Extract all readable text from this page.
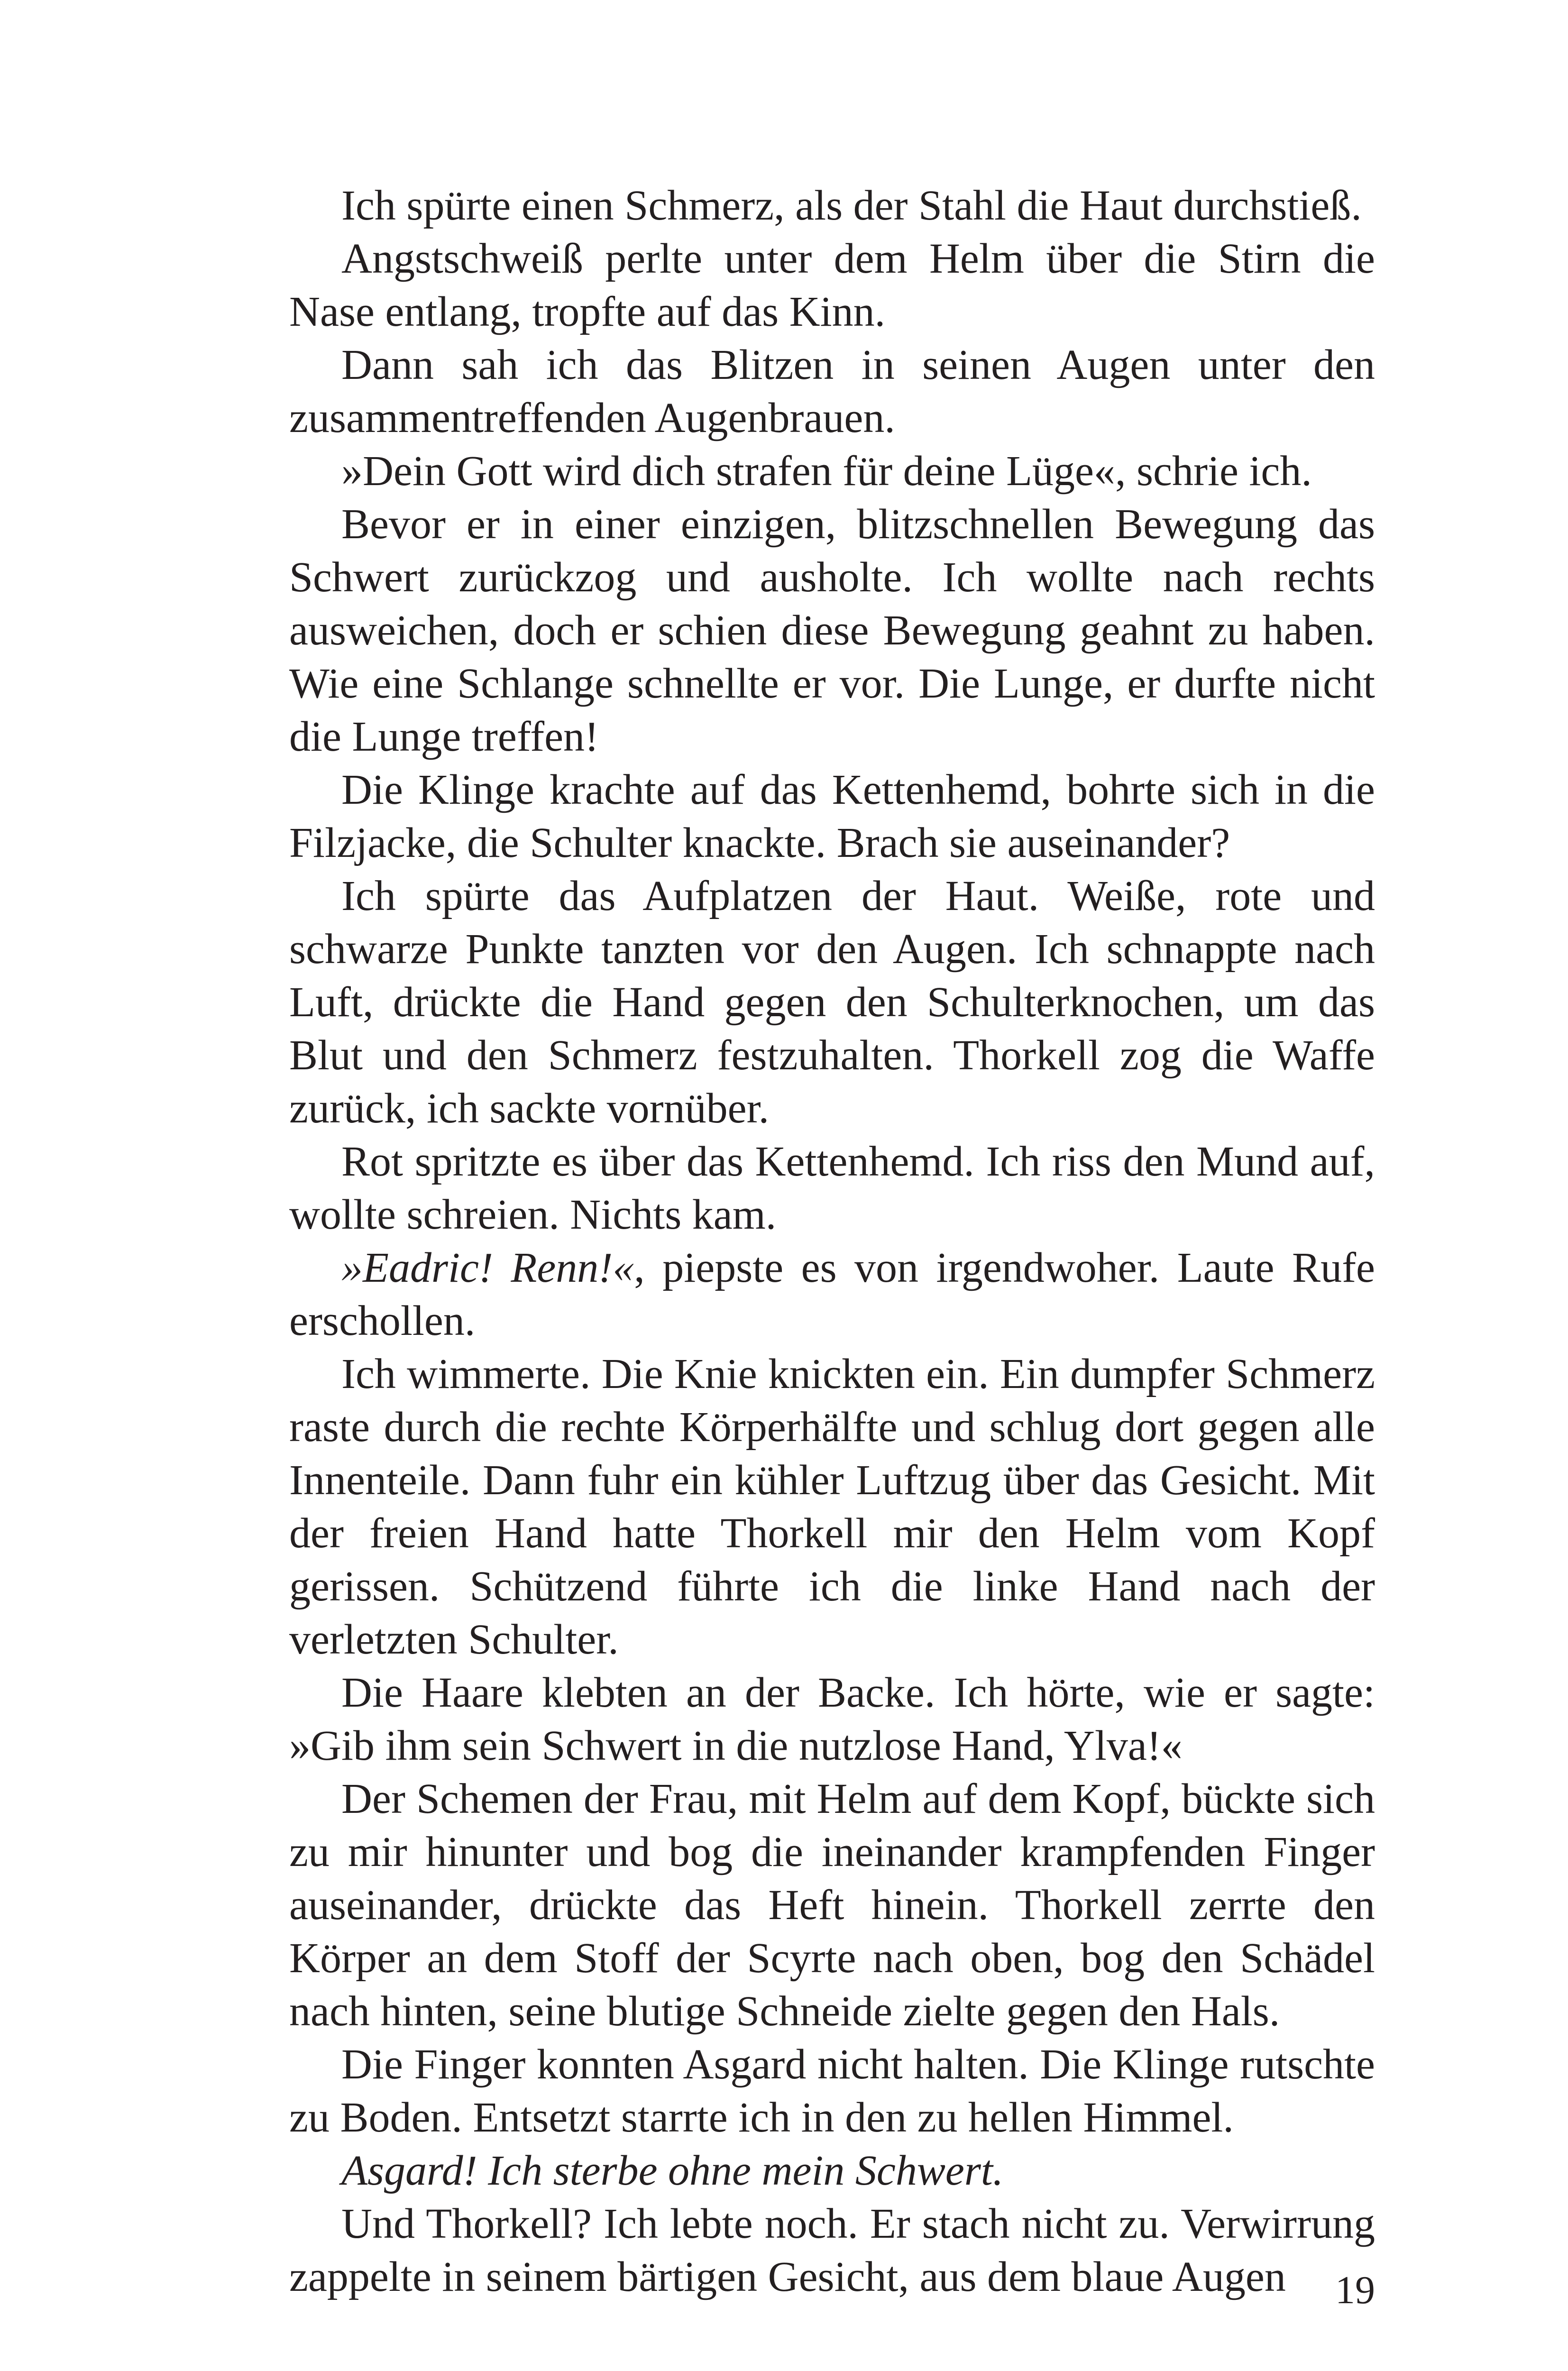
Ich spürte einen Schmerz, als der Stahl die Haut durchstieß.

Angstschweiß perlte unter dem Helm über die Stirn die Nase entlang, tropfte auf das Kinn.

Dann sah ich das Blitzen in seinen Augen unter den zusammentreffenden Augenbrauen.

»Dein Gott wird dich strafen für deine Lüge«, schrie ich.

Bevor er in einer einzigen, blitzschnellen Bewegung das Schwert zurückzog und ausholte. Ich wollte nach rechts ausweichen, doch er schien diese Bewegung geahnt zu haben. Wie eine Schlange schnellte er vor. Die Lunge, er durfte nicht die Lunge treffen!

Die Klinge krachte auf das Kettenhemd, bohrte sich in die Filzjacke, die Schulter knackte. Brach sie auseinander?

Ich spürte das Aufplatzen der Haut. Weiße, rote und schwarze Punkte tanzten vor den Augen. Ich schnappte nach Luft, drückte die Hand gegen den Schulterknochen, um das Blut und den Schmerz festzuhalten. Thorkell zog die Waffe zurück, ich sackte vornüber.

Rot spritzte es über das Kettenhemd. Ich riss den Mund auf, wollte schreien. Nichts kam.

»Eadric! Renn!«, piepste es von irgendwoher. Laute Rufe erschollen.

Ich wimmerte. Die Knie knickten ein. Ein dumpfer Schmerz raste durch die rechte Körperhälfte und schlug dort gegen alle Innenteile. Dann fuhr ein kühler Luftzug über das Gesicht. Mit der freien Hand hatte Thorkell mir den Helm vom Kopf gerissen. Schützend führte ich die linke Hand nach der verletzten Schulter.

Die Haare klebten an der Backe. Ich hörte, wie er sagte: »Gib ihm sein Schwert in die nutzlose Hand, Ylva!«

Der Schemen der Frau, mit Helm auf dem Kopf, bückte sich zu mir hinunter und bog die ineinander krampfenden Finger auseinander, drückte das Heft hinein. Thorkell zerrte den Körper an dem Stoff der Scyrte nach oben, bog den Schädel nach hinten, seine blutige Schneide zielte gegen den Hals.

Die Finger konnten Asgard nicht halten. Die Klinge rutschte zu Boden. Entsetzt starrte ich in den zu hellen Himmel.

Asgard! Ich sterbe ohne mein Schwert.

Und Thorkell? Ich lebte noch. Er stach nicht zu. Verwirrung zappelte in seinem bärtigen Gesicht, aus dem blaue Augen	19
